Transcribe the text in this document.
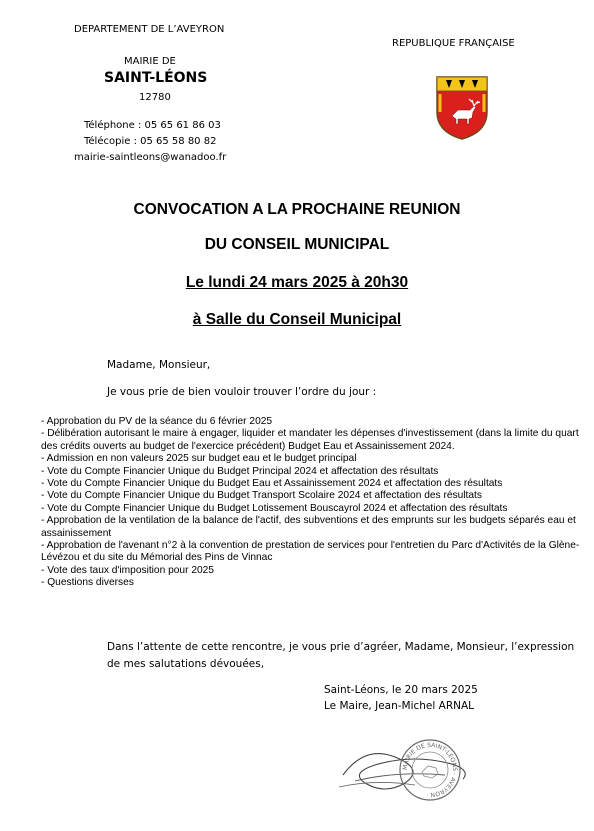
DEPARTEMENT DE L’AVEYRON
MAIRIE DE
SAINT-LÉONS
12780
Téléphone : 05 65 61 86 03
Télécopie : 05 65 58 80 82
mairie-saintleons@wanadoo.fr
REPUBLIQUE FRANÇAISE
CONVOCATION A LA PROCHAINE REUNION
DU CONSEIL MUNICIPAL
Le lundi 24 mars 2025 à 20h30
à Salle du Conseil Municipal
Madame, Monsieur,
Je vous prie de bien vouloir trouver l’ordre du jour :
- Approbation du PV de la séance du 6 février 2025
- Délibération autorisant le maire à engager, liquider et mandater les dépenses d'investissement (dans la limite du quart des crédits ouverts au budget de l'exercice précédent) Budget Eau et Assainissement 2024.
- Admission en non valeurs 2025 sur budget eau et le budget principal
- Vote du Compte Financier Unique du Budget Principal 2024 et affectation des résultats
- Vote du Compte Financier Unique du Budget Eau et Assainissement 2024 et affectation des résultats
- Vote du Compte Financier Unique du Budget Transport Scolaire 2024 et affectation des résultats
- Vote du Compte Financier Unique du Budget Lotissement Bouscayrol 2024 et affectation des résultats
- Approbation de la ventilation de la balance de l'actif, des subventions et des emprunts sur les budgets séparés eau et assainissement
- Approbation de l'avenant n°2 à la convention de prestation de services pour l'entretien du Parc d'Activités de la Glène-Lévézou et du site du Mémorial des Pins de Vinnac
- Vote des taux d'imposition pour 2025
- Questions diverses
Dans l’attente de cette rencontre, je vous prie d’agréer, Madame, Monsieur, l’expression de mes salutations dévouées,
Saint-Léons, le 20 mars 2025
Le Maire, Jean-Michel ARNAL
MAIRIE DE SAINT-LÉONS · AVEYRON ·
